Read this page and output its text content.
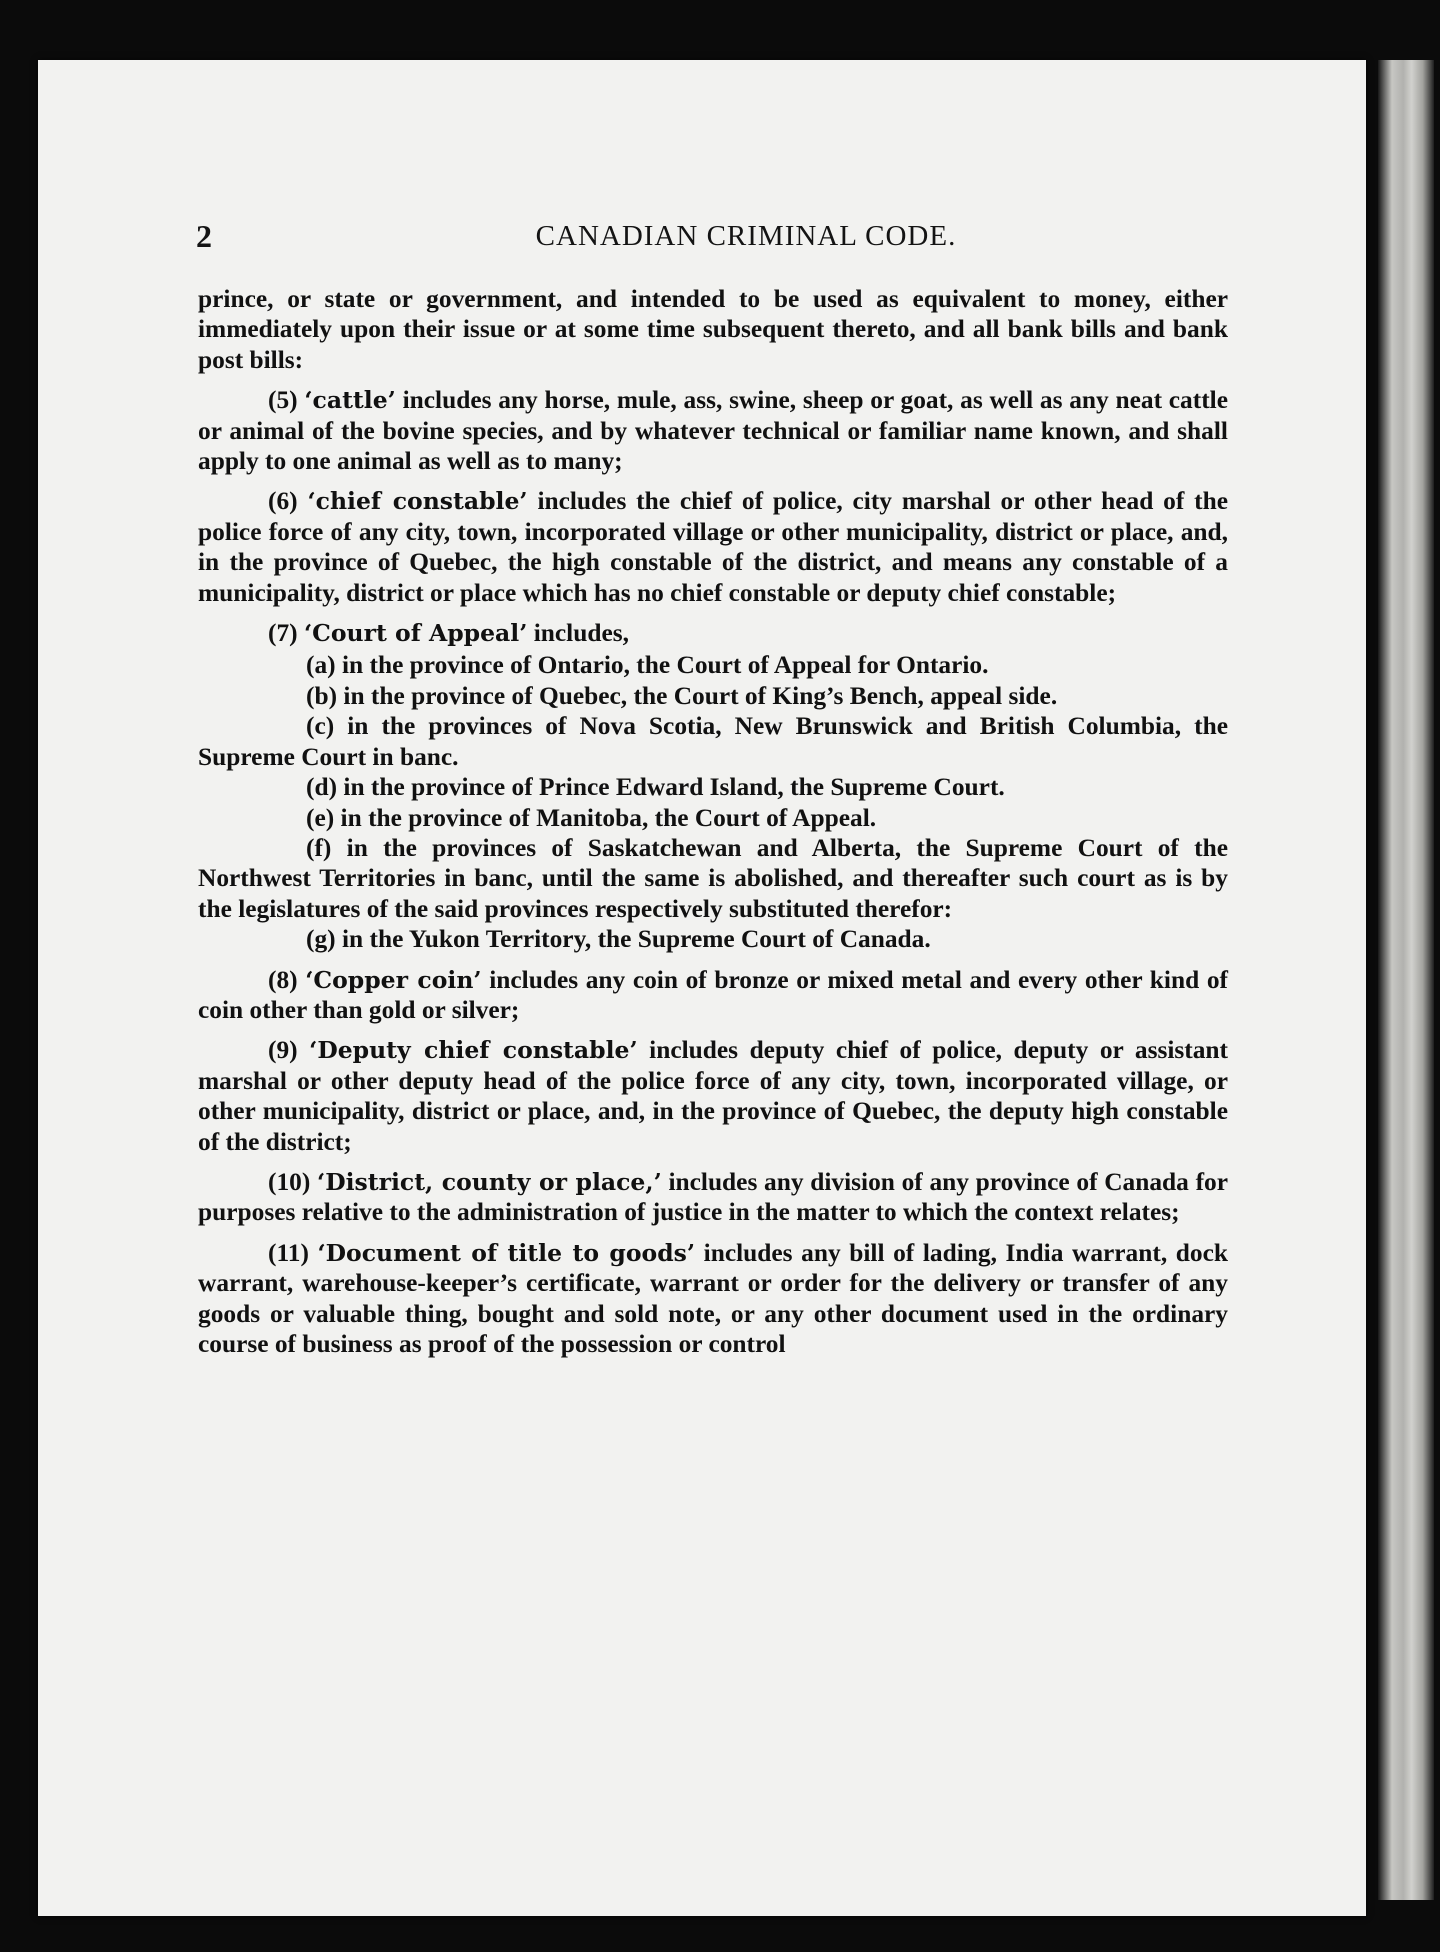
2	CANADIAN CRIMINAL CODE.

prince, or state or government, and intended to be used as equivalent to money, either immediately upon their issue or at some time subsequent thereto, and all bank bills and bank post bills:

(5) ‘cattle’ includes any horse, mule, ass, swine, sheep or goat, as well as any neat cattle or animal of the bovine species, and by whatever technical or familiar name known, and shall apply to one animal as well as to many;

(6) ‘chief constable’ includes the chief of police, city marshal or other head of the police force of any city, town, incorporated village or other municipality, district or place, and, in the province of Quebec, the high constable of the district, and means any constable of a municipality, district or place which has no chief constable or deputy chief constable;

(7) ‘Court of Appeal’ includes,

(a) in the province of Ontario, the Court of Appeal for Ontario.

(b) in the province of Quebec, the Court of King’s Bench, appeal side.

(c) in the provinces of Nova Scotia, New Brunswick and British Columbia, the Supreme Court in banc.

(d) in the province of Prince Edward Island, the Supreme Court.

(e) in the province of Manitoba, the Court of Appeal.

(f) in the provinces of Saskatchewan and Alberta, the Supreme Court of the Northwest Territories in banc, until the same is abolished, and thereafter such court as is by the legislatures of the said provinces respectively substituted therefor:

(g) in the Yukon Territory, the Supreme Court of Canada.

(8) ‘Copper coin’ includes any coin of bronze or mixed metal and every other kind of coin other than gold or silver;

(9) ‘Deputy chief constable’ includes deputy chief of police, deputy or assistant marshal or other deputy head of the police force of any city, town, incorporated village, or other municipality, district or place, and, in the province of Quebec, the deputy high constable of the district;

(10) ‘District, county or place,’ includes any division of any province of Canada for purposes relative to the administration of justice in the matter to which the context relates;

(11) ‘Document of title to goods’ includes any bill of lading, India warrant, dock warrant, warehouse-keeper’s certificate, warrant or order for the delivery or transfer of any goods or valuable thing, bought and sold note, or any other document used in the ordinary course of business as proof of the possession or control
